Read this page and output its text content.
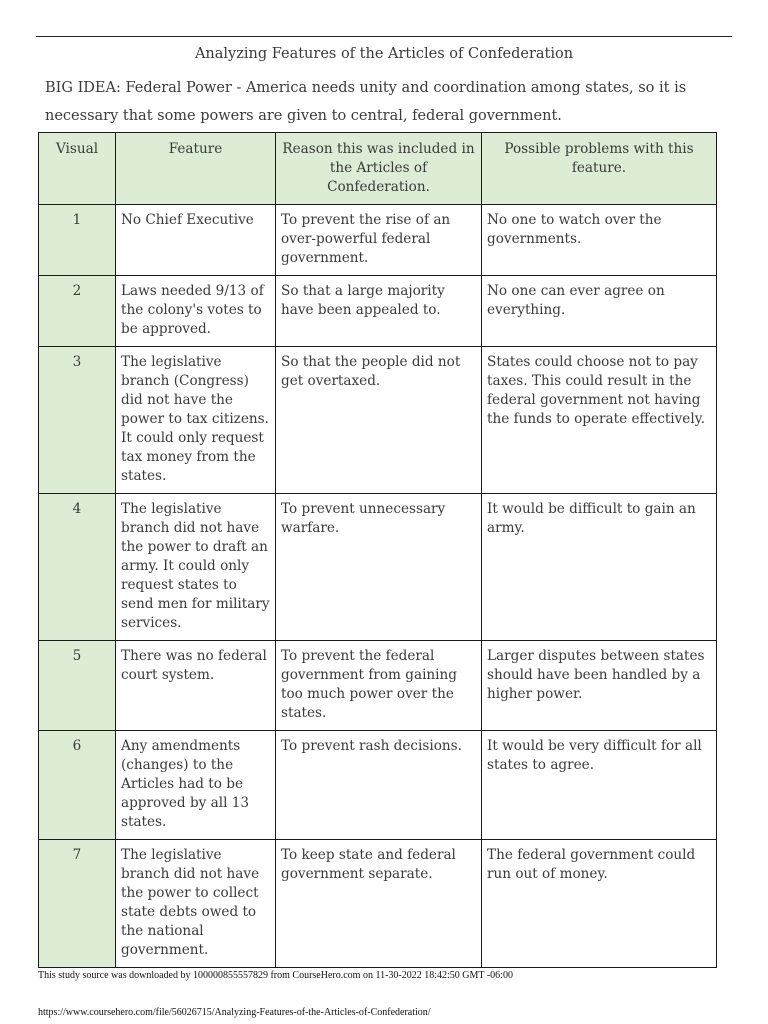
Analyzing Features of the Articles of Confederation
BIG IDEA: Federal Power - America needs unity and coordination among states, so it is
necessary that some powers are given to central, federal government.
Visual	Feature	Reason this was included in the Articles of Confederation.	Possible problems with this feature.
1	No Chief Executive	To prevent the rise of an over-powerful federal government.	No one to watch over the governments.
2	Laws needed 9/13 of the colony's votes to be approved.	So that a large majority have been appealed to.	No one can ever agree on everything.
3	The legislative branch (Congress) did not have the power to tax citizens. It could only request tax money from the states.	So that the people did not get overtaxed.	States could choose not to pay taxes. This could result in the federal government not having the funds to operate effectively.
4	The legislative branch did not have the power to draft an army. It could only request states to send men for military services.	To prevent unnecessary warfare.	It would be difficult to gain an army.
5	There was no federal court system.	To prevent the federal government from gaining too much power over the states.	Larger disputes between states should have been handled by a higher power.
6	Any amendments (changes) to the Articles had to be approved by all 13 states.	To prevent rash decisions.	It would be very difficult for all states to agree.
7	The legislative branch did not have the power to collect state debts owed to the national government.	To keep state and federal government separate.	The federal government could run out of money.
This study source was downloaded by 100000855557829 from CourseHero.com on 11-30-2022 18:42:50 GMT -06:00
https://www.coursehero.com/file/56026715/Analyzing-Features-of-the-Articles-of-Confederation/
